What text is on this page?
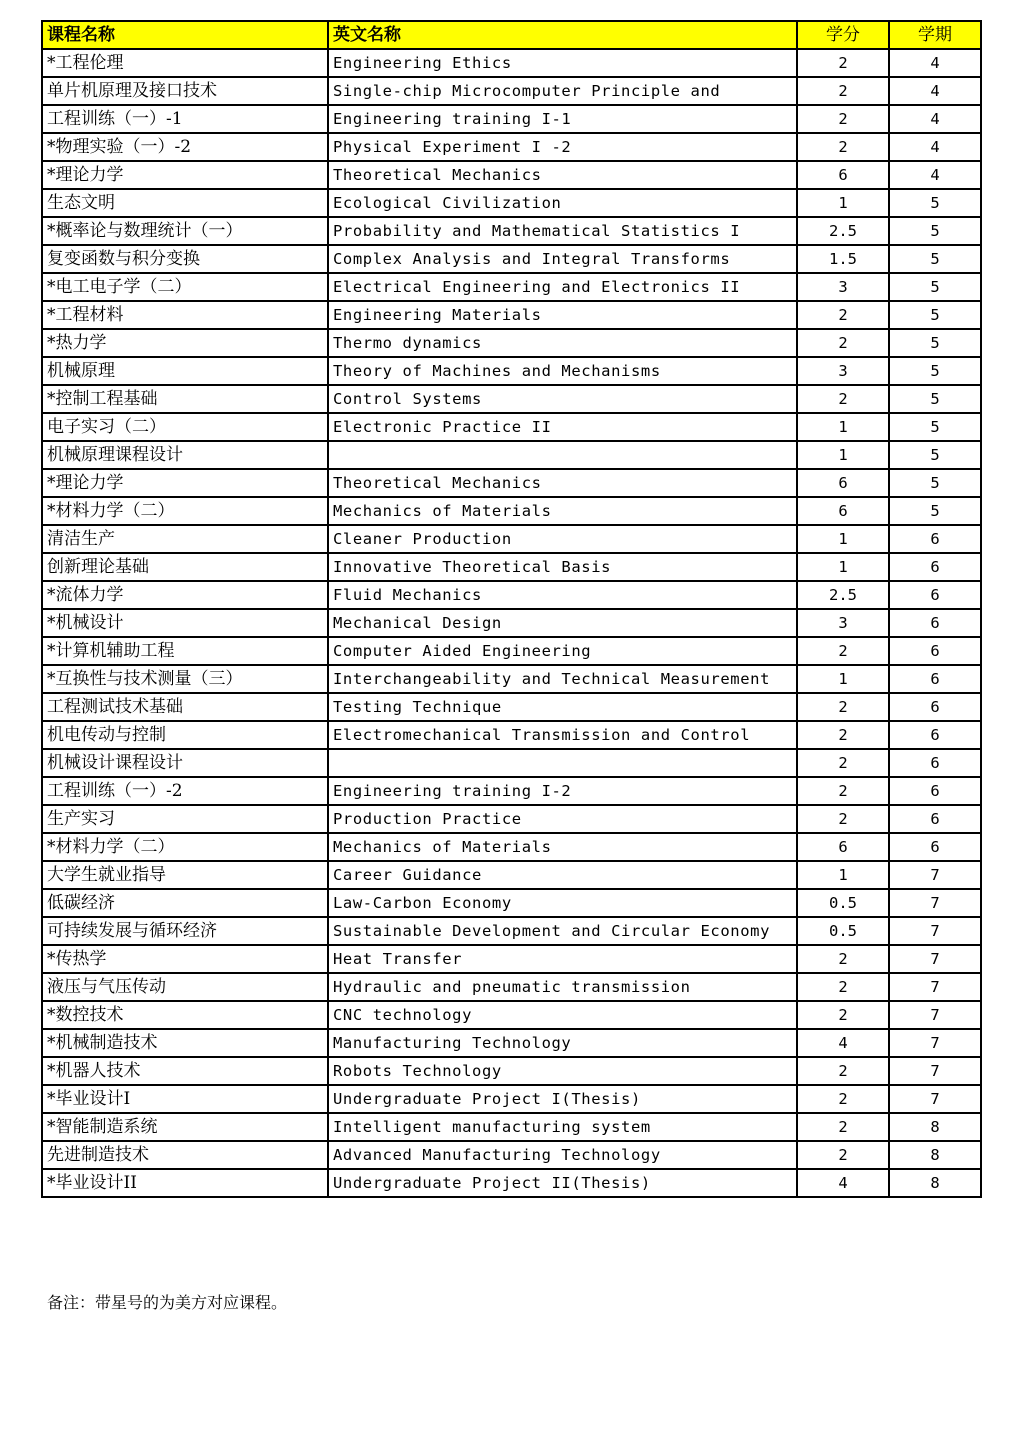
课程名称	英文名称	学分	学期
*工程伦理	Engineering Ethics	2	4
单片机原理及接口技术	Single-chip Microcomputer Principle and	2	4
工程训练（一）-1	Engineering training I-1	2	4
*物理实验（一）-2	Physical Experiment I -2	2	4
*理论力学	Theoretical Mechanics	6	4
生态文明	Ecological Civilization	1	5
*概率论与数理统计（一）	Probability and Mathematical Statistics I	2.5	5
复变函数与积分变换	Complex Analysis and Integral Transforms	1.5	5
*电工电子学（二）	Electrical Engineering and Electronics II	3	5
*工程材料	Engineering Materials	2	5
*热力学	Thermo dynamics	2	5
机械原理	Theory of Machines and Mechanisms	3	5
*控制工程基础	Control Systems	2	5
电子实习（二）	Electronic Practice II	1	5
机械原理课程设计		1	5
*理论力学	Theoretical Mechanics	6	5
*材料力学（二）	Mechanics of Materials	6	5
清洁生产	Cleaner Production	1	6
创新理论基础	Innovative Theoretical Basis	1	6
*流体力学	Fluid Mechanics	2.5	6
*机械设计	Mechanical Design	3	6
*计算机辅助工程	Computer Aided Engineering	2	6
*互换性与技术测量（三）	Interchangeability and Technical Measurement	1	6
工程测试技术基础	Testing Technique	2	6
机电传动与控制	Electromechanical Transmission and Control	2	6
机械设计课程设计		2	6
工程训练（一）-2	Engineering training I-2	2	6
生产实习	Production Practice	2	6
*材料力学（二）	Mechanics of Materials	6	6
大学生就业指导	Career Guidance	1	7
低碳经济	Law-Carbon Economy	0.5	7
可持续发展与循环经济	Sustainable Development and Circular Economy	0.5	7
*传热学	Heat Transfer	2	7
液压与气压传动	Hydraulic and pneumatic transmission	2	7
*数控技术	CNC technology	2	7
*机械制造技术	Manufacturing Technology	4	7
*机器人技术	Robots Technology	2	7
*毕业设计I	Undergraduate Project I(Thesis)	2	7
*智能制造系统	Intelligent manufacturing system	2	8
先进制造技术	Advanced Manufacturing Technology	2	8
*毕业设计II	Undergraduate Project II(Thesis)	4	8
备注：带星号的为美方对应课程。
